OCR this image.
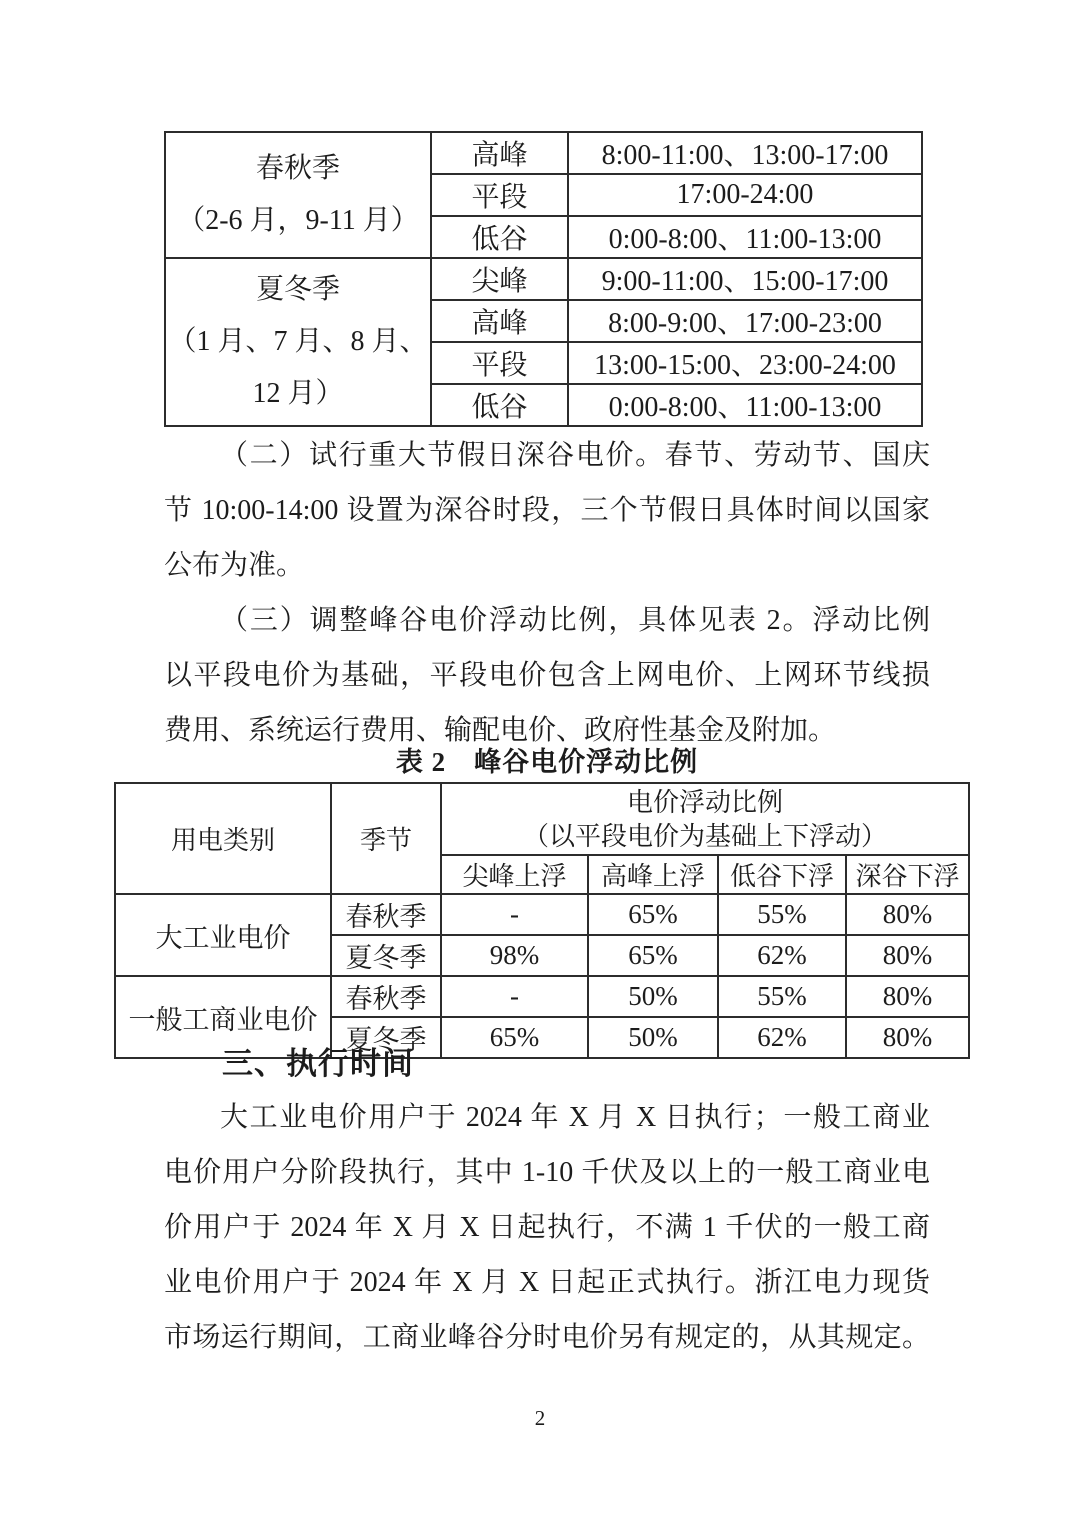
春秋季
（2-6 月，9-11 月）	高峰	8:00-11:00、13:00-17:00
	平段	17:00-24:00
	低谷	0:00-8:00、11:00-13:00

夏冬季
（1 月、7 月、8 月、12 月）	尖峰	9:00-11:00、15:00-17:00
	高峰	8:00-9:00、17:00-23:00
	平段	13:00-15:00、23:00-24:00
	低谷	0:00-8:00、11:00-13:00
（二）试行重大节假日深谷电价。春节、劳动节、国庆
节 10:00-14:00 设置为深谷时段，三个节假日具体时间以国家
公布为准。
（三）调整峰谷电价浮动比例，具体见表 2。浮动比例
以平段电价为基础，平段电价包含上网电价、上网环节线损
费用、系统运行费用、输配电价、政府性基金及附加。
表 2　峰谷电价浮动比例
用电类别	季节	电价浮动比例
（以平段电价为基础上下浮动）			

		尖峰上浮	高峰上浮	低谷下浮	深谷下浮
大工业电价	春秋季	-	65%	55%	80%
	夏冬季	98%	65%	62%	80%
一般工商业电价	春秋季	-	50%	55%	80%
	夏冬季	65%	50%	62%	80%
三、执行时间
大工业电价用户于 2024 年 X 月 X 日执行；一般工商业
电价用户分阶段执行，其中 1-10 千伏及以上的一般工商业电
价用户于 2024 年 X 月 X 日起执行，不满 1 千伏的一般工商
业电价用户于 2024 年 X 月 X 日起正式执行。浙江电力现货
市场运行期间，工商业峰谷分时电价另有规定的，从其规定。
2
